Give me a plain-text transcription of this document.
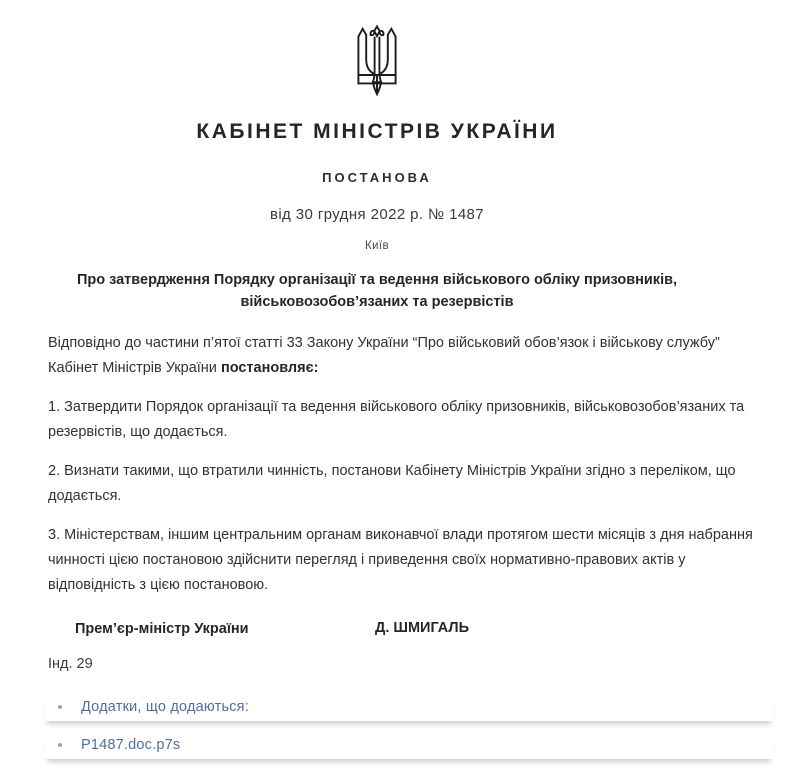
КАБІНЕТ МІНІСТРІВ УКРАЇНИ
ПОСТАНОВА
від 30 грудня 2022 р. № 1487
Київ
Про затвердження Порядку організації та ведення військового обліку призовників,
військовозобов’язаних та резервістів

Відповідно до частини п’ятої статті 33 Закону України “Про військовий обов’язок і військову службу” Кабінет Міністрів України постановляє:

1. Затвердити Порядок організації та ведення військового обліку призовників, військовозобов’язаних та резервістів, що додається.

2. Визнати такими, що втратили чинність, постанови Кабінету Міністрів України згідно з переліком, що додається.

3. Міністерствам, іншим центральним органам виконавчої влади протягом шести місяців з дня набрання чинності цією постановою здійснити перегляд і приведення своїх нормативно-правових актів у відповідність з цією постановою.

Прем’єр-міністр України	Д. ШМИГАЛЬ
Інд. 29
Додатки, що додаються:
P1487.doc.p7s
